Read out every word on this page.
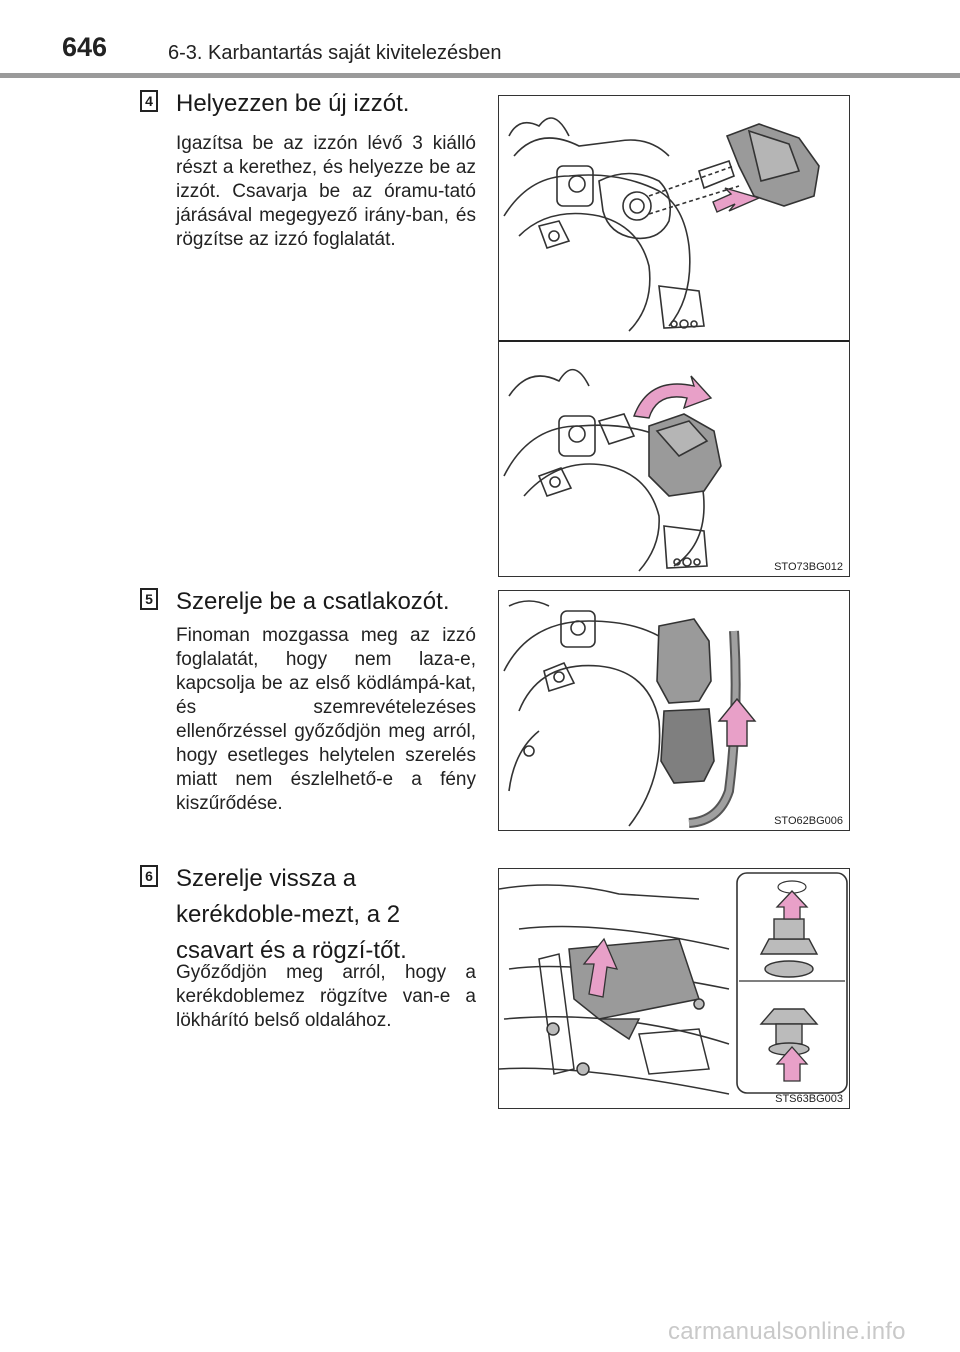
646	6-3. Karbantartás saját kivitelezésben
4 Helyezzen be új izzót.
Igazítsa be az izzón lévő 3 kiálló részt a kerethez, és helyezze be az izzót. Csavarja be az óramu-tató járásával megegyező irány-ban, és rögzítse az izzó foglalatát.
STO73BG012
5 Szerelje be a csatlakozót.
Finoman mozgassa meg az izzó foglalatát, hogy nem laza-e, kapcsolja be az első ködlámpá-kat, és szemrevételezéses ellenőrzéssel győződjön meg arról, hogy esetleges helytelen szerelés miatt nem észlelhető-e a fény kiszűrődése.
STO62BG006
6 Szerelje vissza a kerékdoble-mezt, a 2 csavart és a rögzí-tőt.
Győződjön meg arról, hogy a kerékdoblemez rögzítve van-e a lökhárító belső oldalához.
STS63BG003
carmanualsonline.info
